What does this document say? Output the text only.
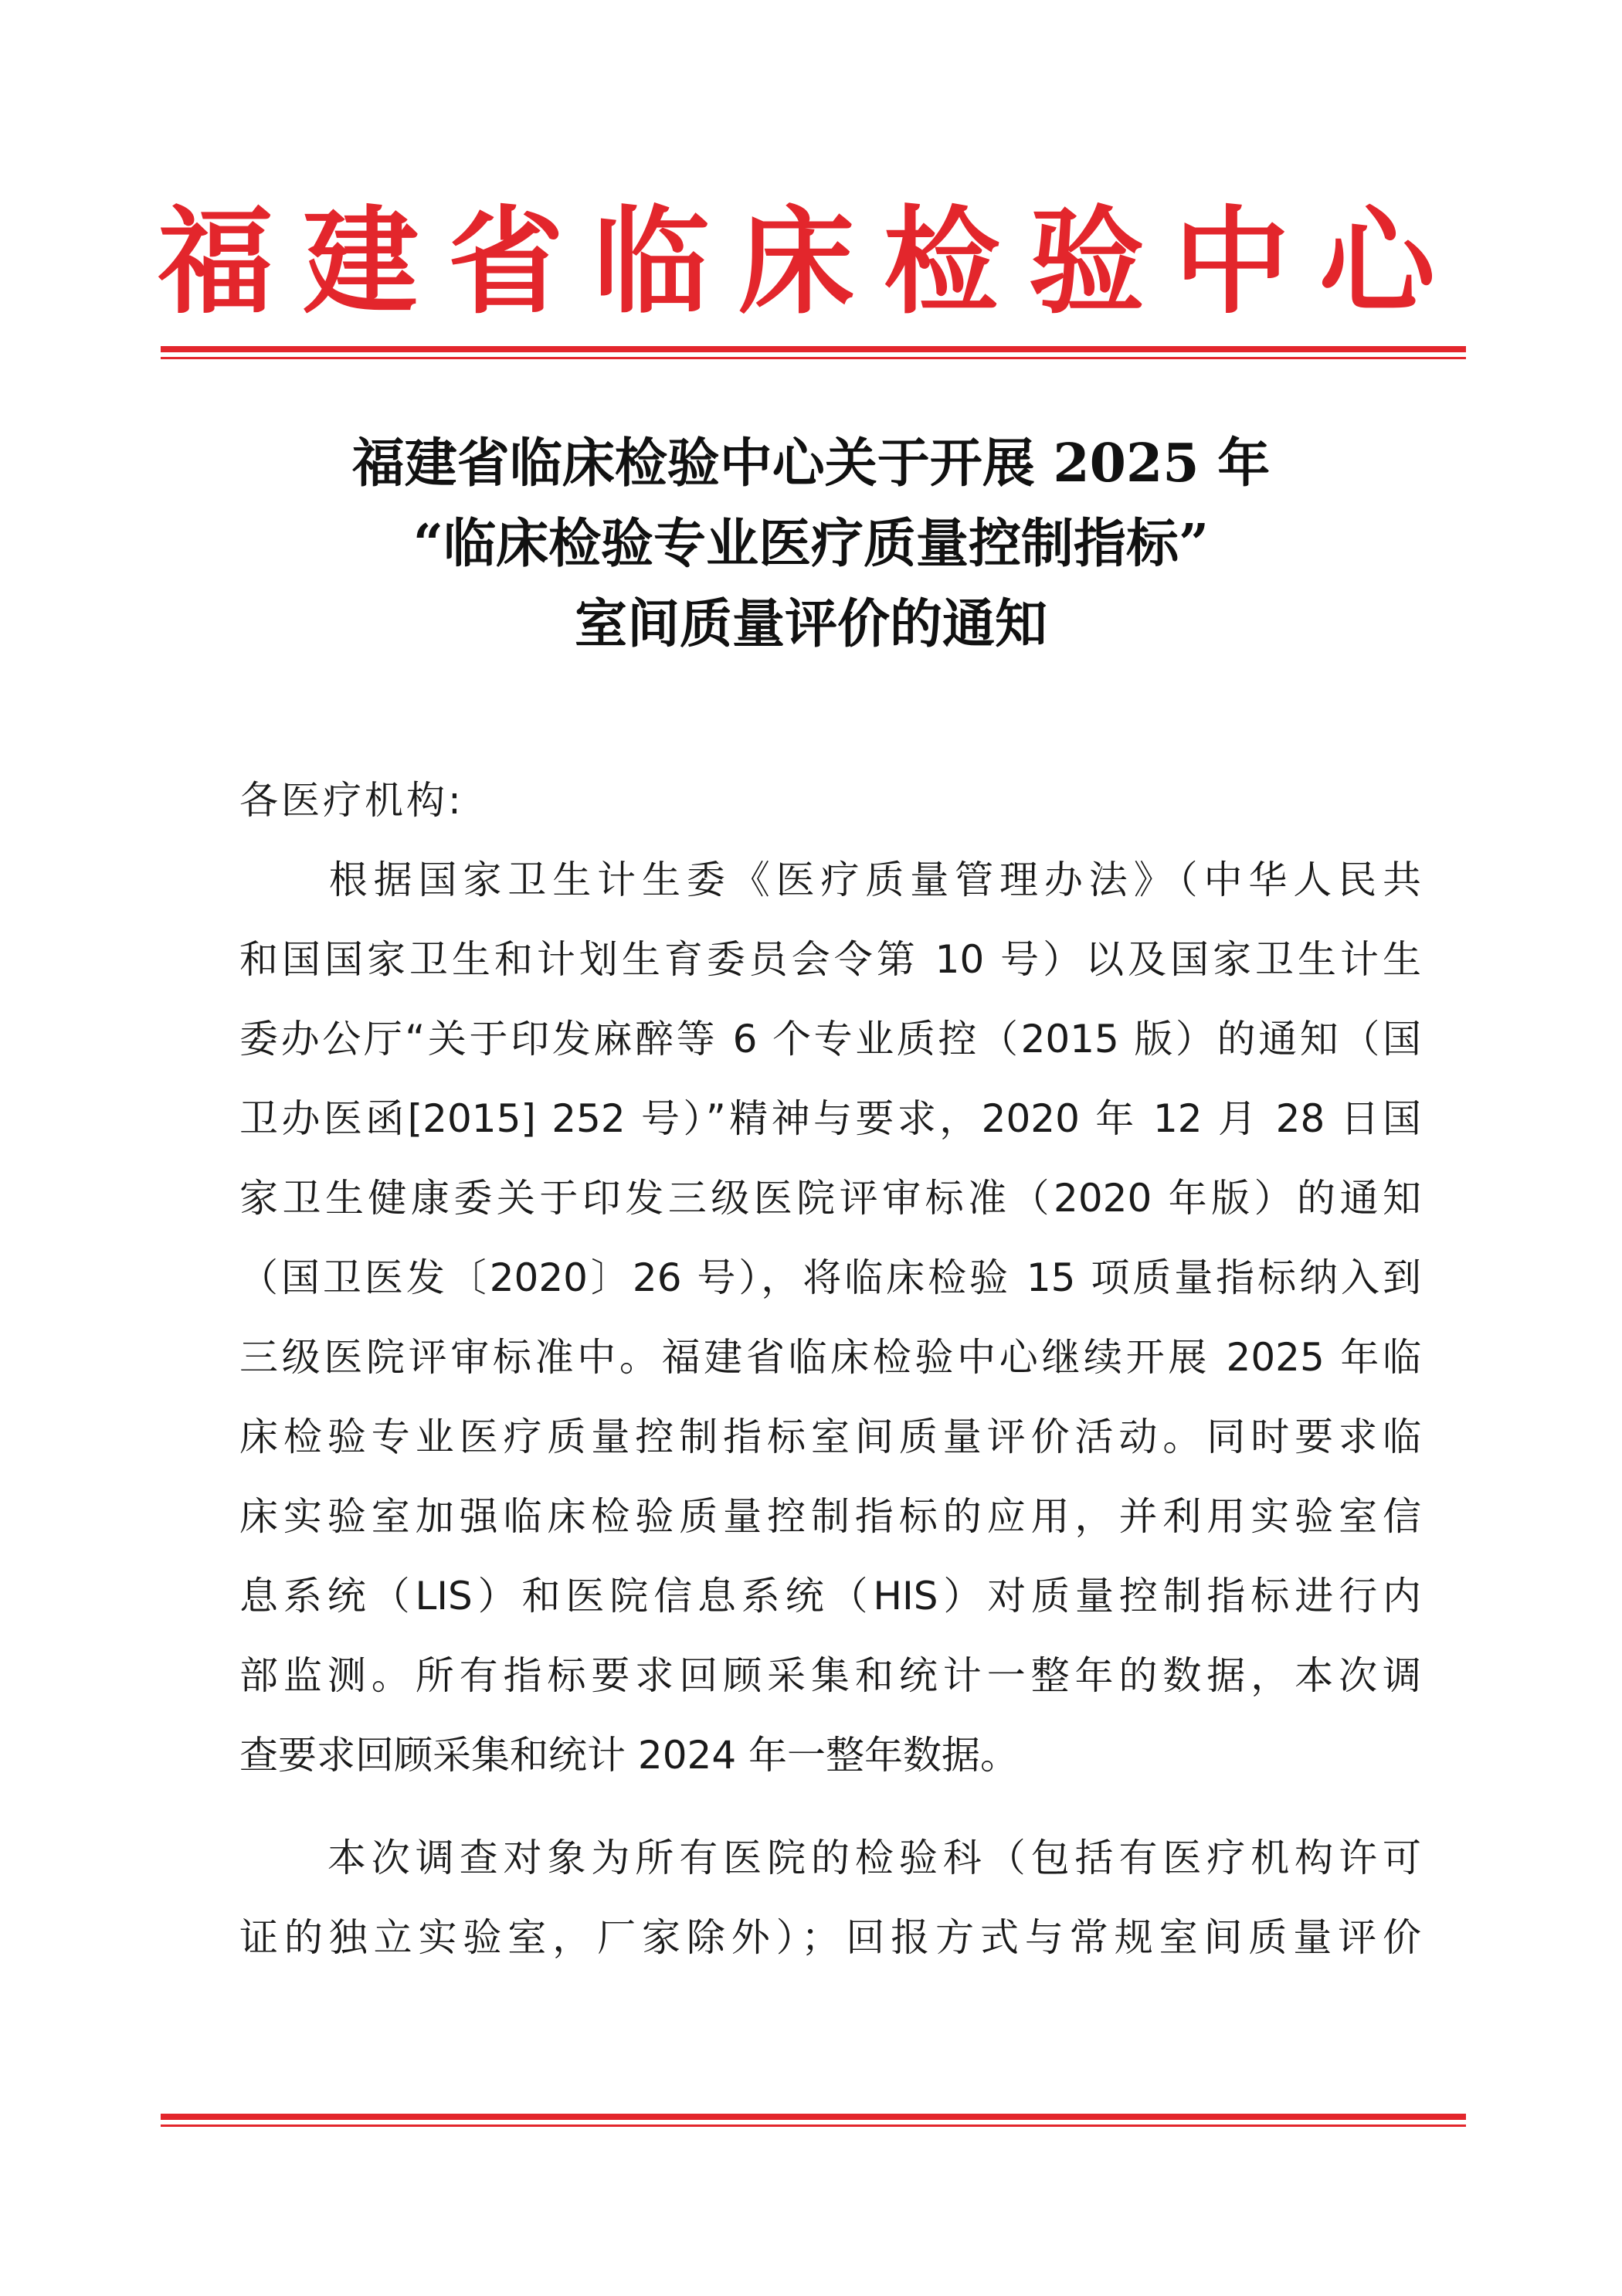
福建省临床检验中心
福建省临床检验中心关于开展 2025 年
“临床检验专业医疗质量控制指标”
室间质量评价的通知
各医疗机构:
　　根据国家卫生计生委《医疗质量管理办法》（中华人民共
和国国家卫生和计划生育委员会令第 10 号）以及国家卫生计生
委办公厅“关于印发麻醉等 6 个专业质控（2015 版）的通知（国
卫办医函[2015] 252 号）”精神与要求，2020 年 12 月 28 日国
家卫生健康委关于印发三级医院评审标准（2020 年版）的通知
（国卫医发〔2020〕26 号），将临床检验 15 项质量指标纳入到
三级医院评审标准中。福建省临床检验中心继续开展 2025 年临
床检验专业医疗质量控制指标室间质量评价活动。同时要求临
床实验室加强临床检验质量控制指标的应用，并利用实验室信
息系统（LIS）和医院信息系统（HIS）对质量控制指标进行内
部监测。所有指标要求回顾采集和统计一整年的数据，本次调
查要求回顾采集和统计 2024 年一整年数据。
　　本次调查对象为所有医院的检验科（包括有医疗机构许可
证的独立实验室，厂家除外）；回报方式与常规室间质量评价
